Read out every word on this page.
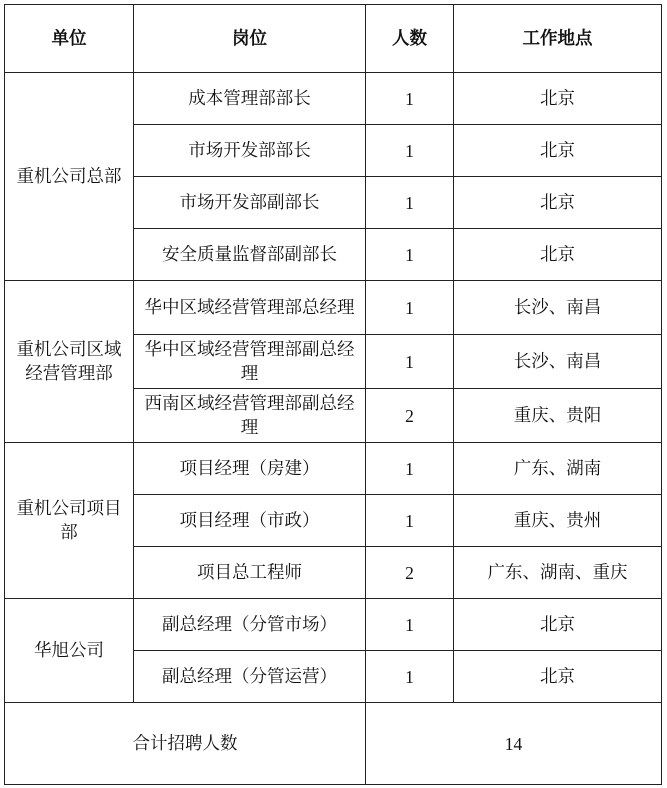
单位	岗位	人数	工作地点
重机公司总部	成本管理部部长	1	北京
	市场开发部部长	1	北京
	市场开发部副部长	1	北京
	安全质量监督部副部长	1	北京
重机公司区域经营管理部	华中区域经营管理部总经理	1	长沙、南昌
	华中区域经营管理部副总经理	1	长沙、南昌
	西南区域经营管理部副总经理	2	重庆、贵阳
重机公司项目部	项目经理（房建）	1	广东、湖南
	项目经理（市政）	1	重庆、贵州
	项目总工程师	2	广东、湖南、重庆
华旭公司	副总经理（分管市场）	1	北京
	副总经理（分管运营）	1	北京
合计招聘人数		14	
